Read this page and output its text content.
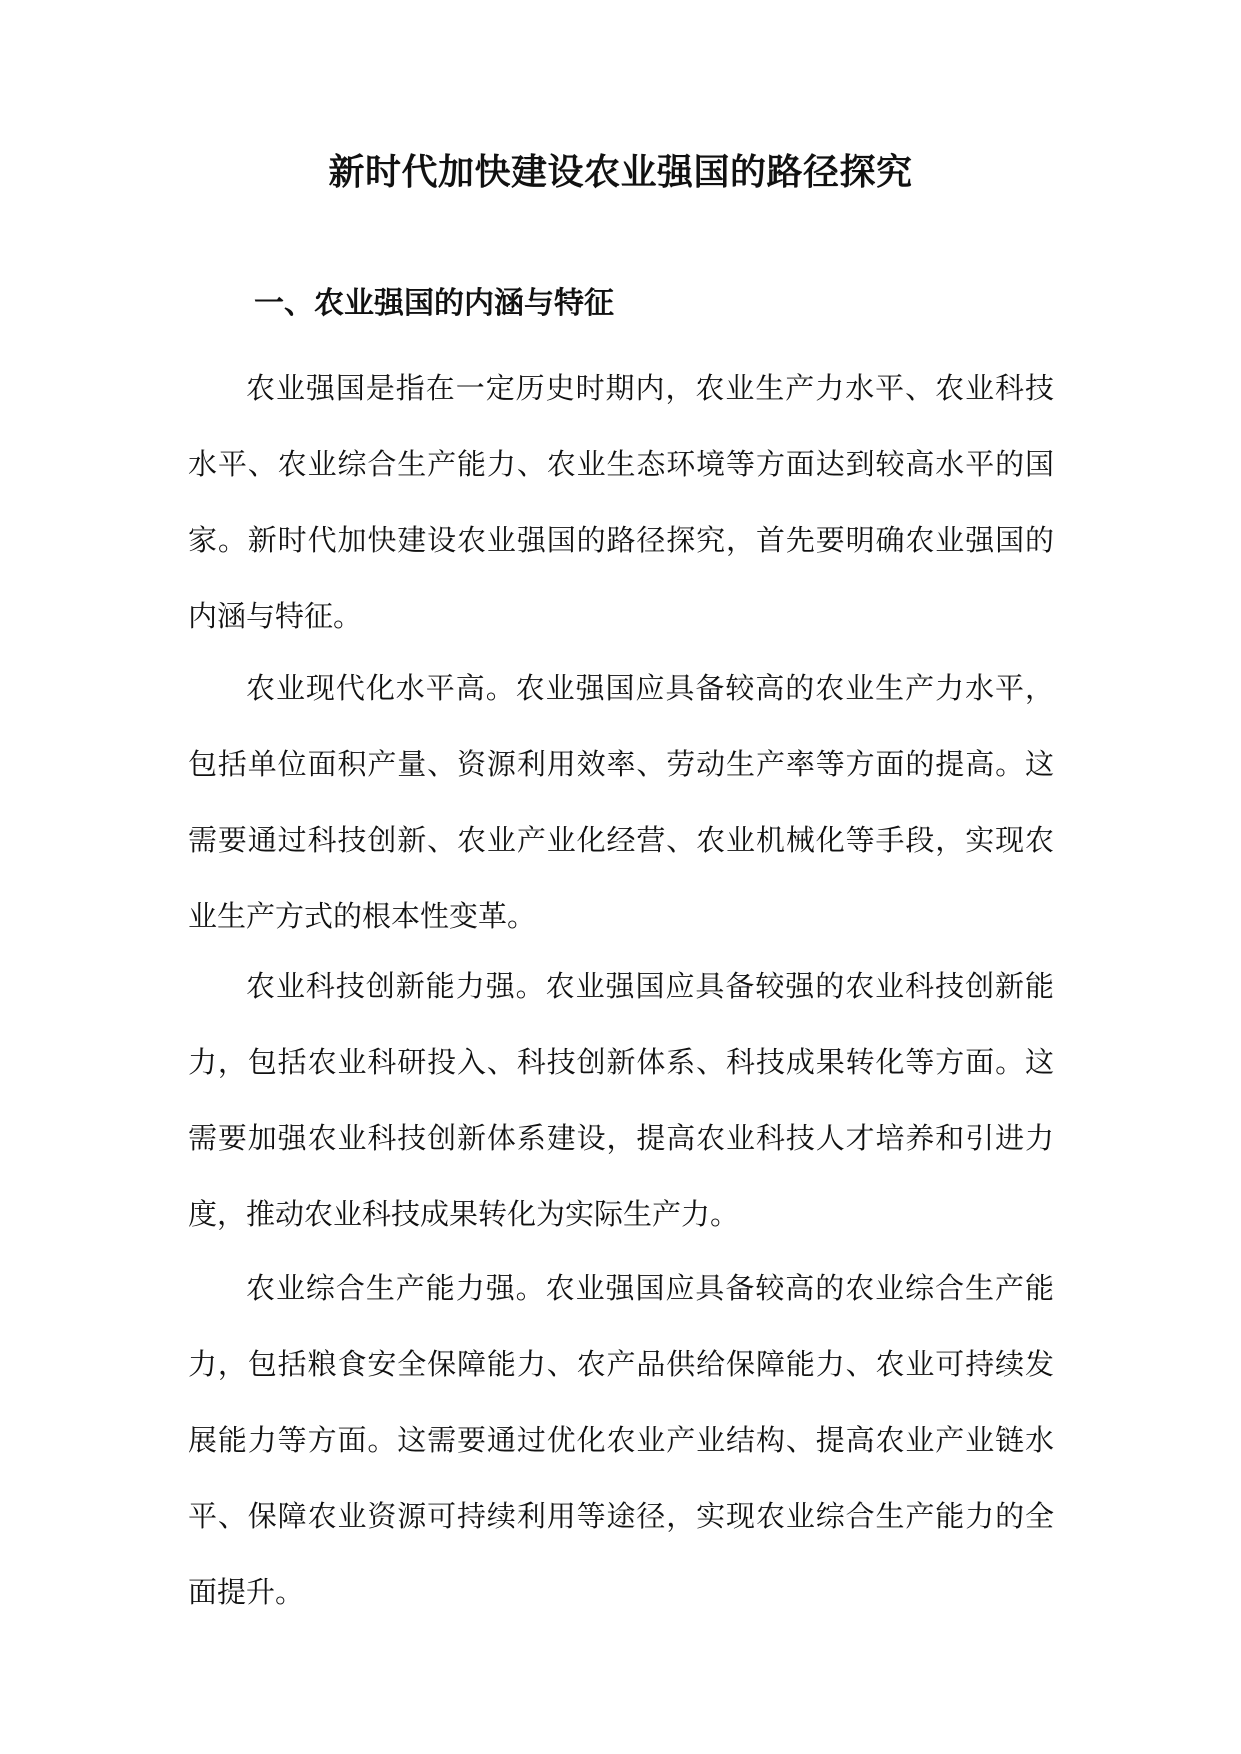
新时代加快建设农业强国的路径探究
一、农业强国的内涵与特征

农业强国是指在一定历史时期内，农业生产力水平、农业科技水平、农业综合生产能力、农业生态环境等方面达到较高水平的国家。新时代加快建设农业强国的路径探究，首先要明确农业强国的内涵与特征。

农业现代化水平高。农业强国应具备较高的农业生产力水平，包括单位面积产量、资源利用效率、劳动生产率等方面的提高。这需要通过科技创新、农业产业化经营、农业机械化等手段，实现农业生产方式的根本性变革。

农业科技创新能力强。农业强国应具备较强的农业科技创新能力，包括农业科研投入、科技创新体系、科技成果转化等方面。这需要加强农业科技创新体系建设，提高农业科技人才培养和引进力度，推动农业科技成果转化为实际生产力。

农业综合生产能力强。农业强国应具备较高的农业综合生产能力，包括粮食安全保障能力、农产品供给保障能力、农业可持续发展能力等方面。这需要通过优化农业产业结构、提高农业产业链水平、保障农业资源可持续利用等途径，实现农业综合生产能力的全面提升。
